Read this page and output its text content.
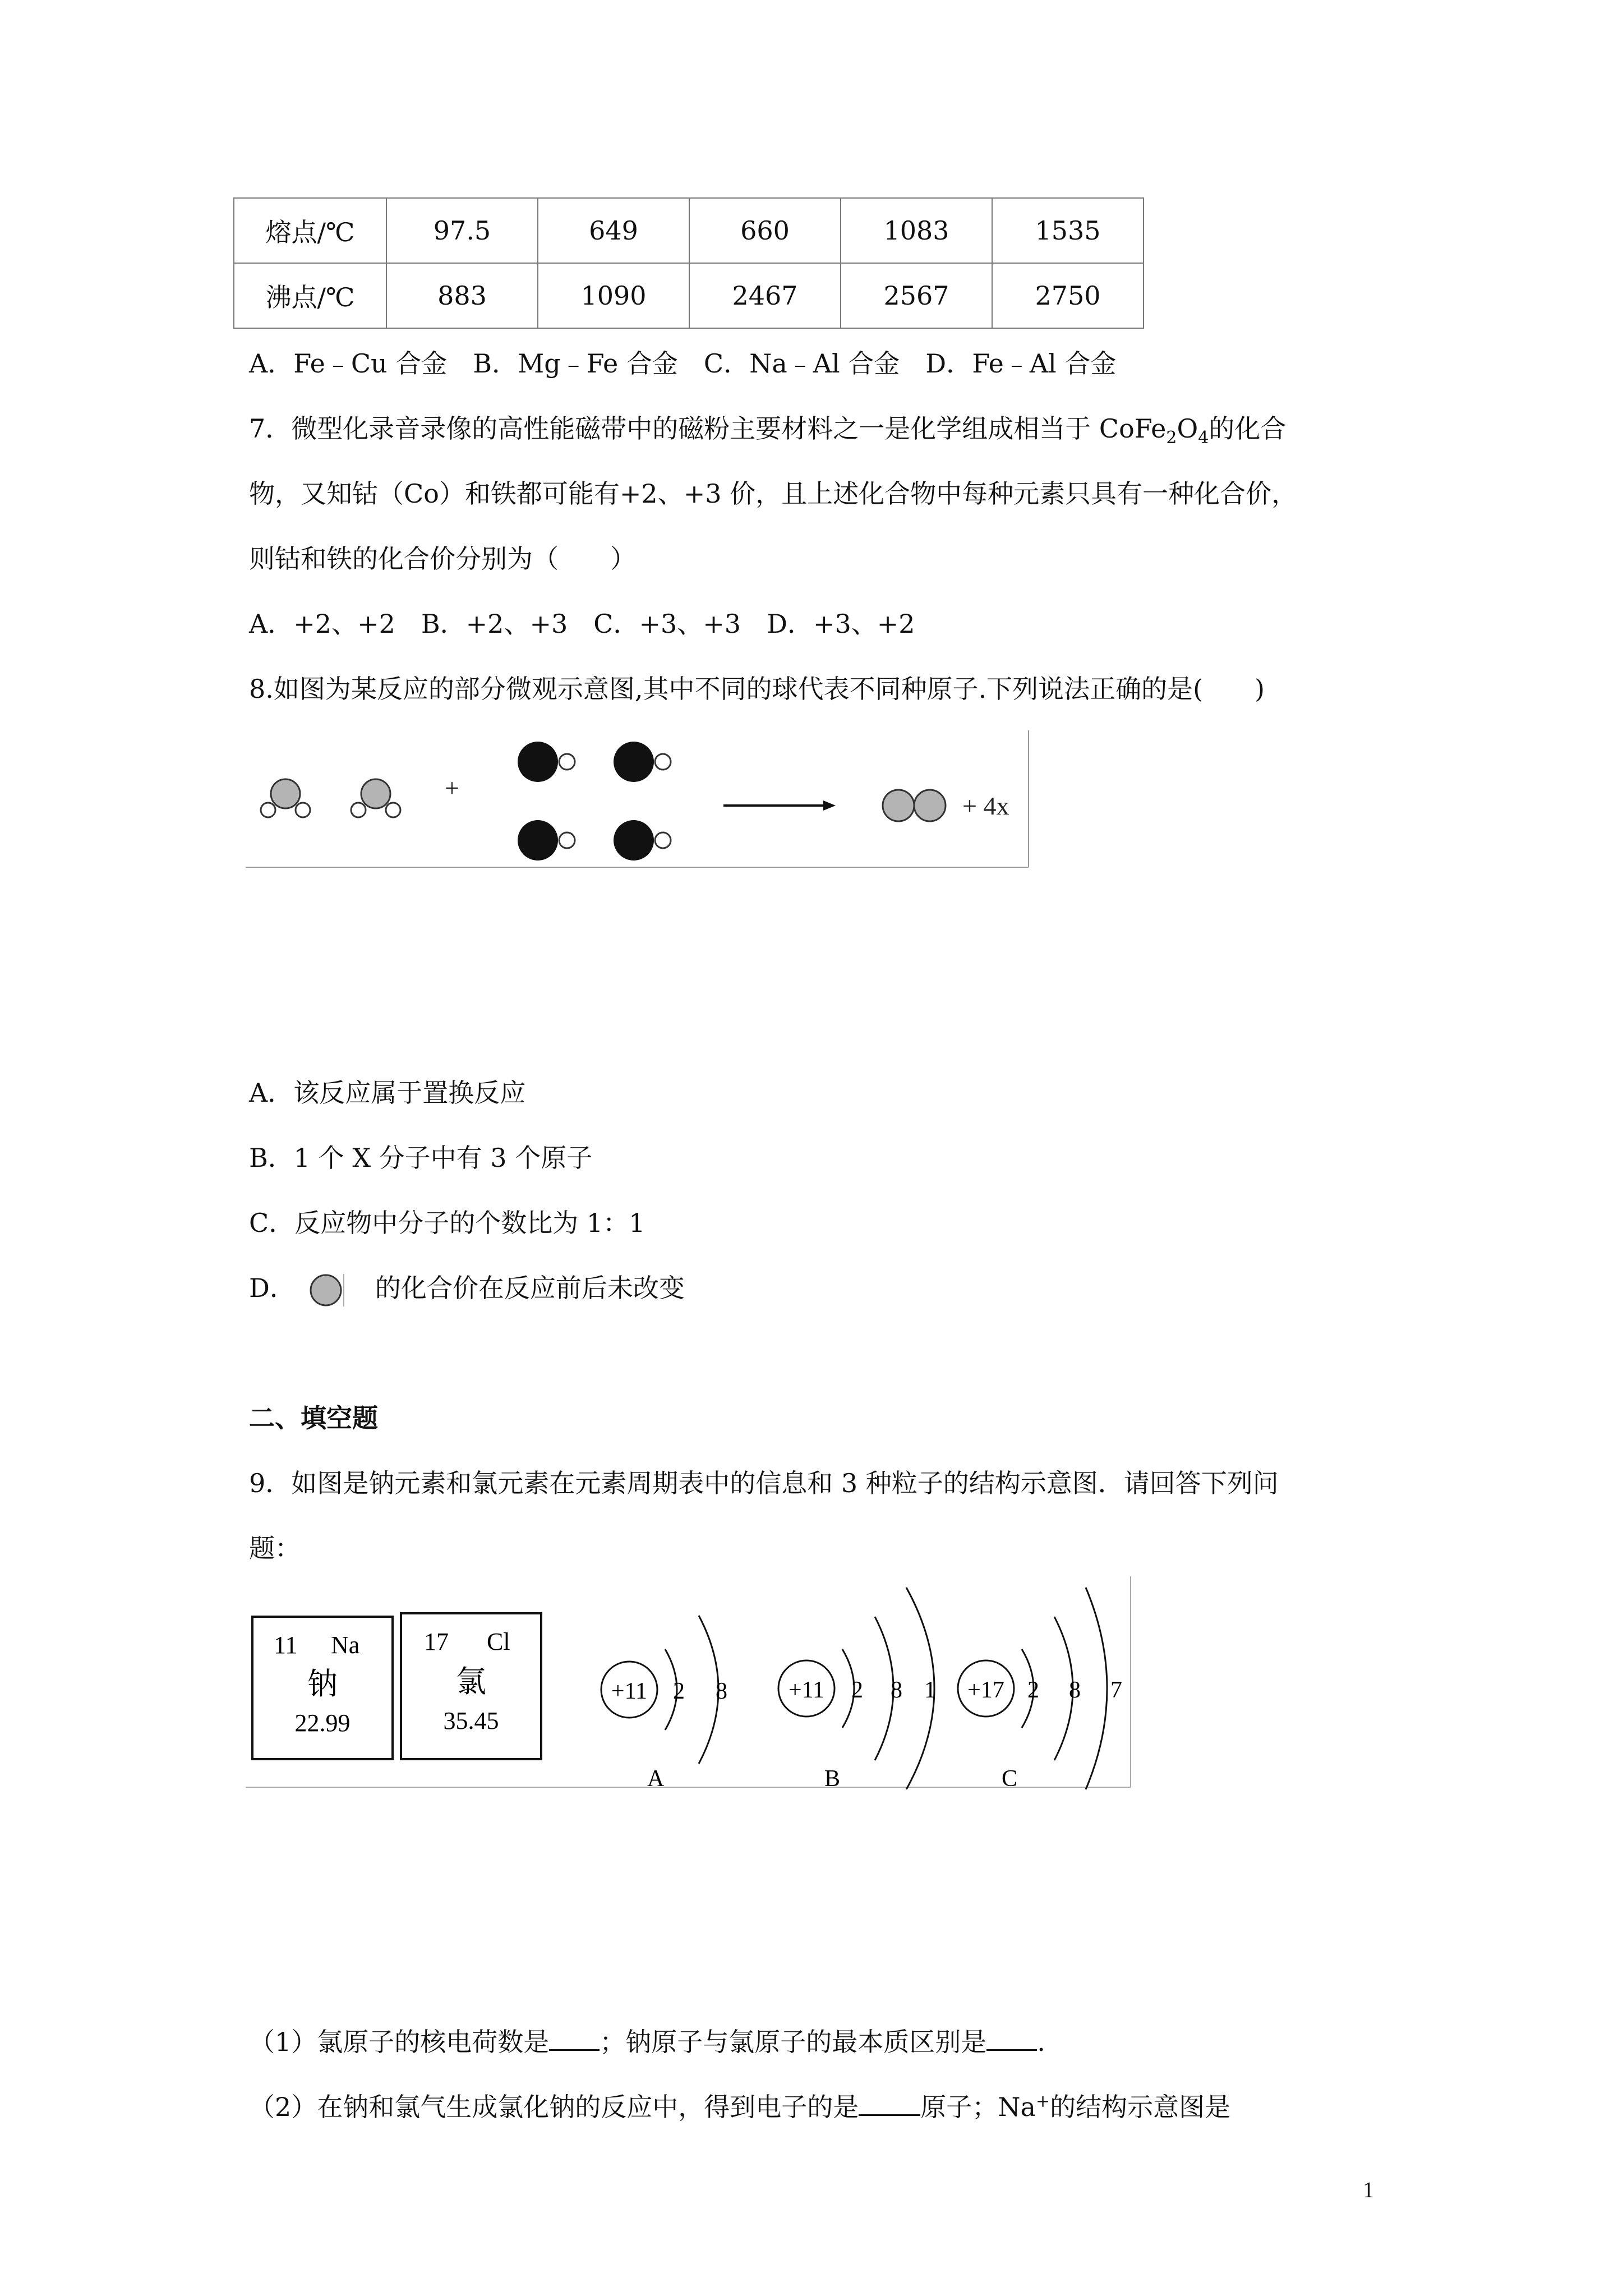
熔点/℃	97.5	649	660	1083	1535
沸点/℃	883	1090	2467	2567	2750
A．Fe﹣Cu 合金　B．Mg﹣Fe 合金　C．Na﹣Al 合金　D．Fe﹣Al 合金
7．微型化录音录像的高性能磁带中的磁粉主要材料之一是化学组成相当于 $CoFe_2O_4$的化合
物，又知钴（Co）和铁都可能有+2、+3 价，且上述化合物中每种元素只具有一种化合价，
则钴和铁的化合价分别为（　　）
A．+2、+2　B．+2、+3　C．+3、+3　D．+3、+2
8.如图为某反应的部分微观示意图,其中不同的球代表不同种原子.下列说法正确的是(　　)
+
+ 4x
A．该反应属于置换反应
B．1 个 X 分子中有 3 个原子
C．反应物中分子的个数比为 1：1
D．	的化合价在反应前后未改变
二、填空题
9．如图是钠元素和氯元素在元素周期表中的信息和 3 种粒子的结构示意图．请回答下列问
题：
11 Na
钠
22.99
17 Cl
氯
35.45
+11 2 8
A
+11 2 8 1
B
+17 2 8 7
C
（1）氯原子的核电荷数是 ；钠原子与氯原子的最本质区别是 .
（2）在钠和氯气生成氯化钠的反应中，得到电子的是 原子；Na+的结构示意图是
1
